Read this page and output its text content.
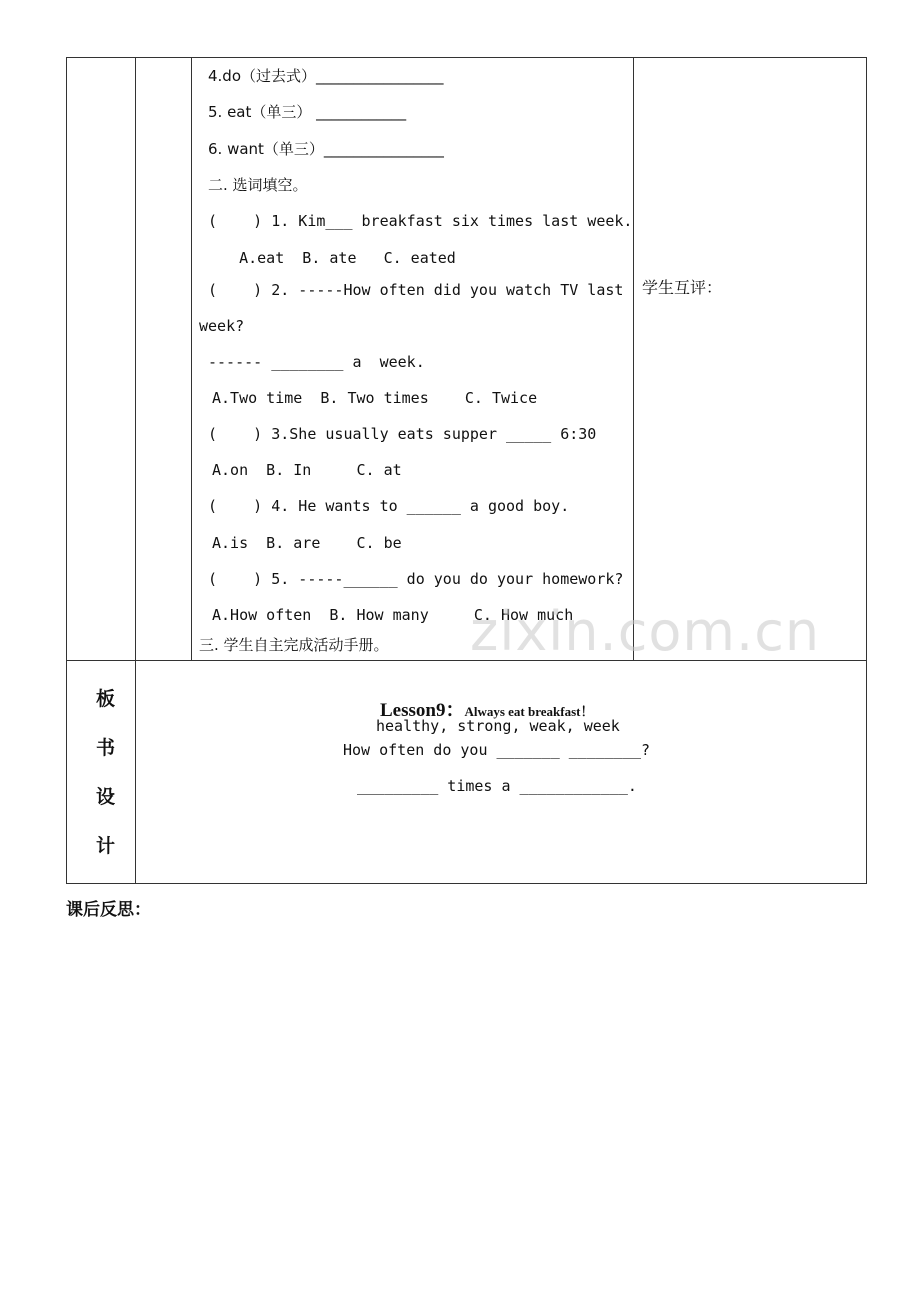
4.do（过去式）_________________
5. eat（单三） ____________
6. want（单三）________________
二. 选词填空。
(    ) 1. Kim___ breakfast six times last week.
A.eat  B. ate   C. eated
(    ) 2. -----How often did you watch TV last
week?
------ ________ a  week.
A.Two time  B. Two times    C. Twice
(    ) 3.She usually eats supper _____ 6:30
A.on  B. In     C. at
(    ) 4. He wants to ______ a good boy.
A.is  B. are    C. be
(    ) 5. -----______ do you do your homework?
A.How often  B. How many     C. How much
三. 学生自主完成活动手册。
学生互评：
板
书
设
计

Lesson9：Always eat breakfast！

healthy, strong, weak, week
How often do you _______ ________?
_________ times a ____________.
课后反思：
zixin.com.cn
